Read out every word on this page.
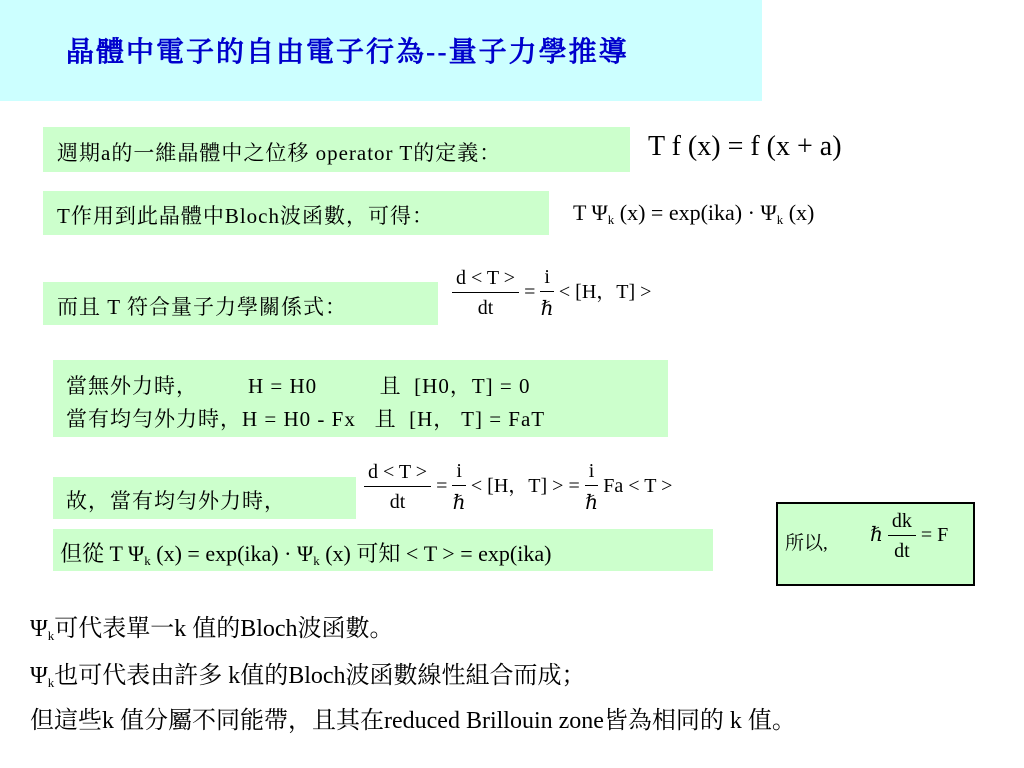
晶體中電子的自由電子行為--量子力學推導
週期a的一維晶體中之位移 operator T的定義：	T f (x) = f (x + a)
T作用到此晶體中Bloch波函數，可得：	T $\Psi_k$ $(x) = \exp(ika) \cdot \Psi_k$ (x)
而且 T 符合量子力學關係式：	$\frac{d < T >}{dt} = \frac{i}{\text{ℏ}} < [H$，T] >
當無外力時，        H = H0          且  [H0，T] = 0
當有均勻外力時，H = H0 - Fx   且  [H， T] = FaT
故，當有均勻外力時，	$\frac{d < T >}{dt} = \frac{i}{\text{ℏ}} < [H$，T] > = $\frac{i}{\text{ℏ}}$ Fa < T >
但從 T $\Psi_k$ $(x) = \exp(ika) \cdot \Psi_k$ (x) 可知 < T > = exp(ika)	所以, ℏ $\frac{dk}{dt} = F$
$\Psi_k$可代表單一k 值的Bloch波函數。
$\Psi_k$也可代表由許多 k值的Bloch波函數線性組合而成；
但這些k 值分屬不同能帶，且其在reduced Brillouin zone皆為相同的 k 值。
